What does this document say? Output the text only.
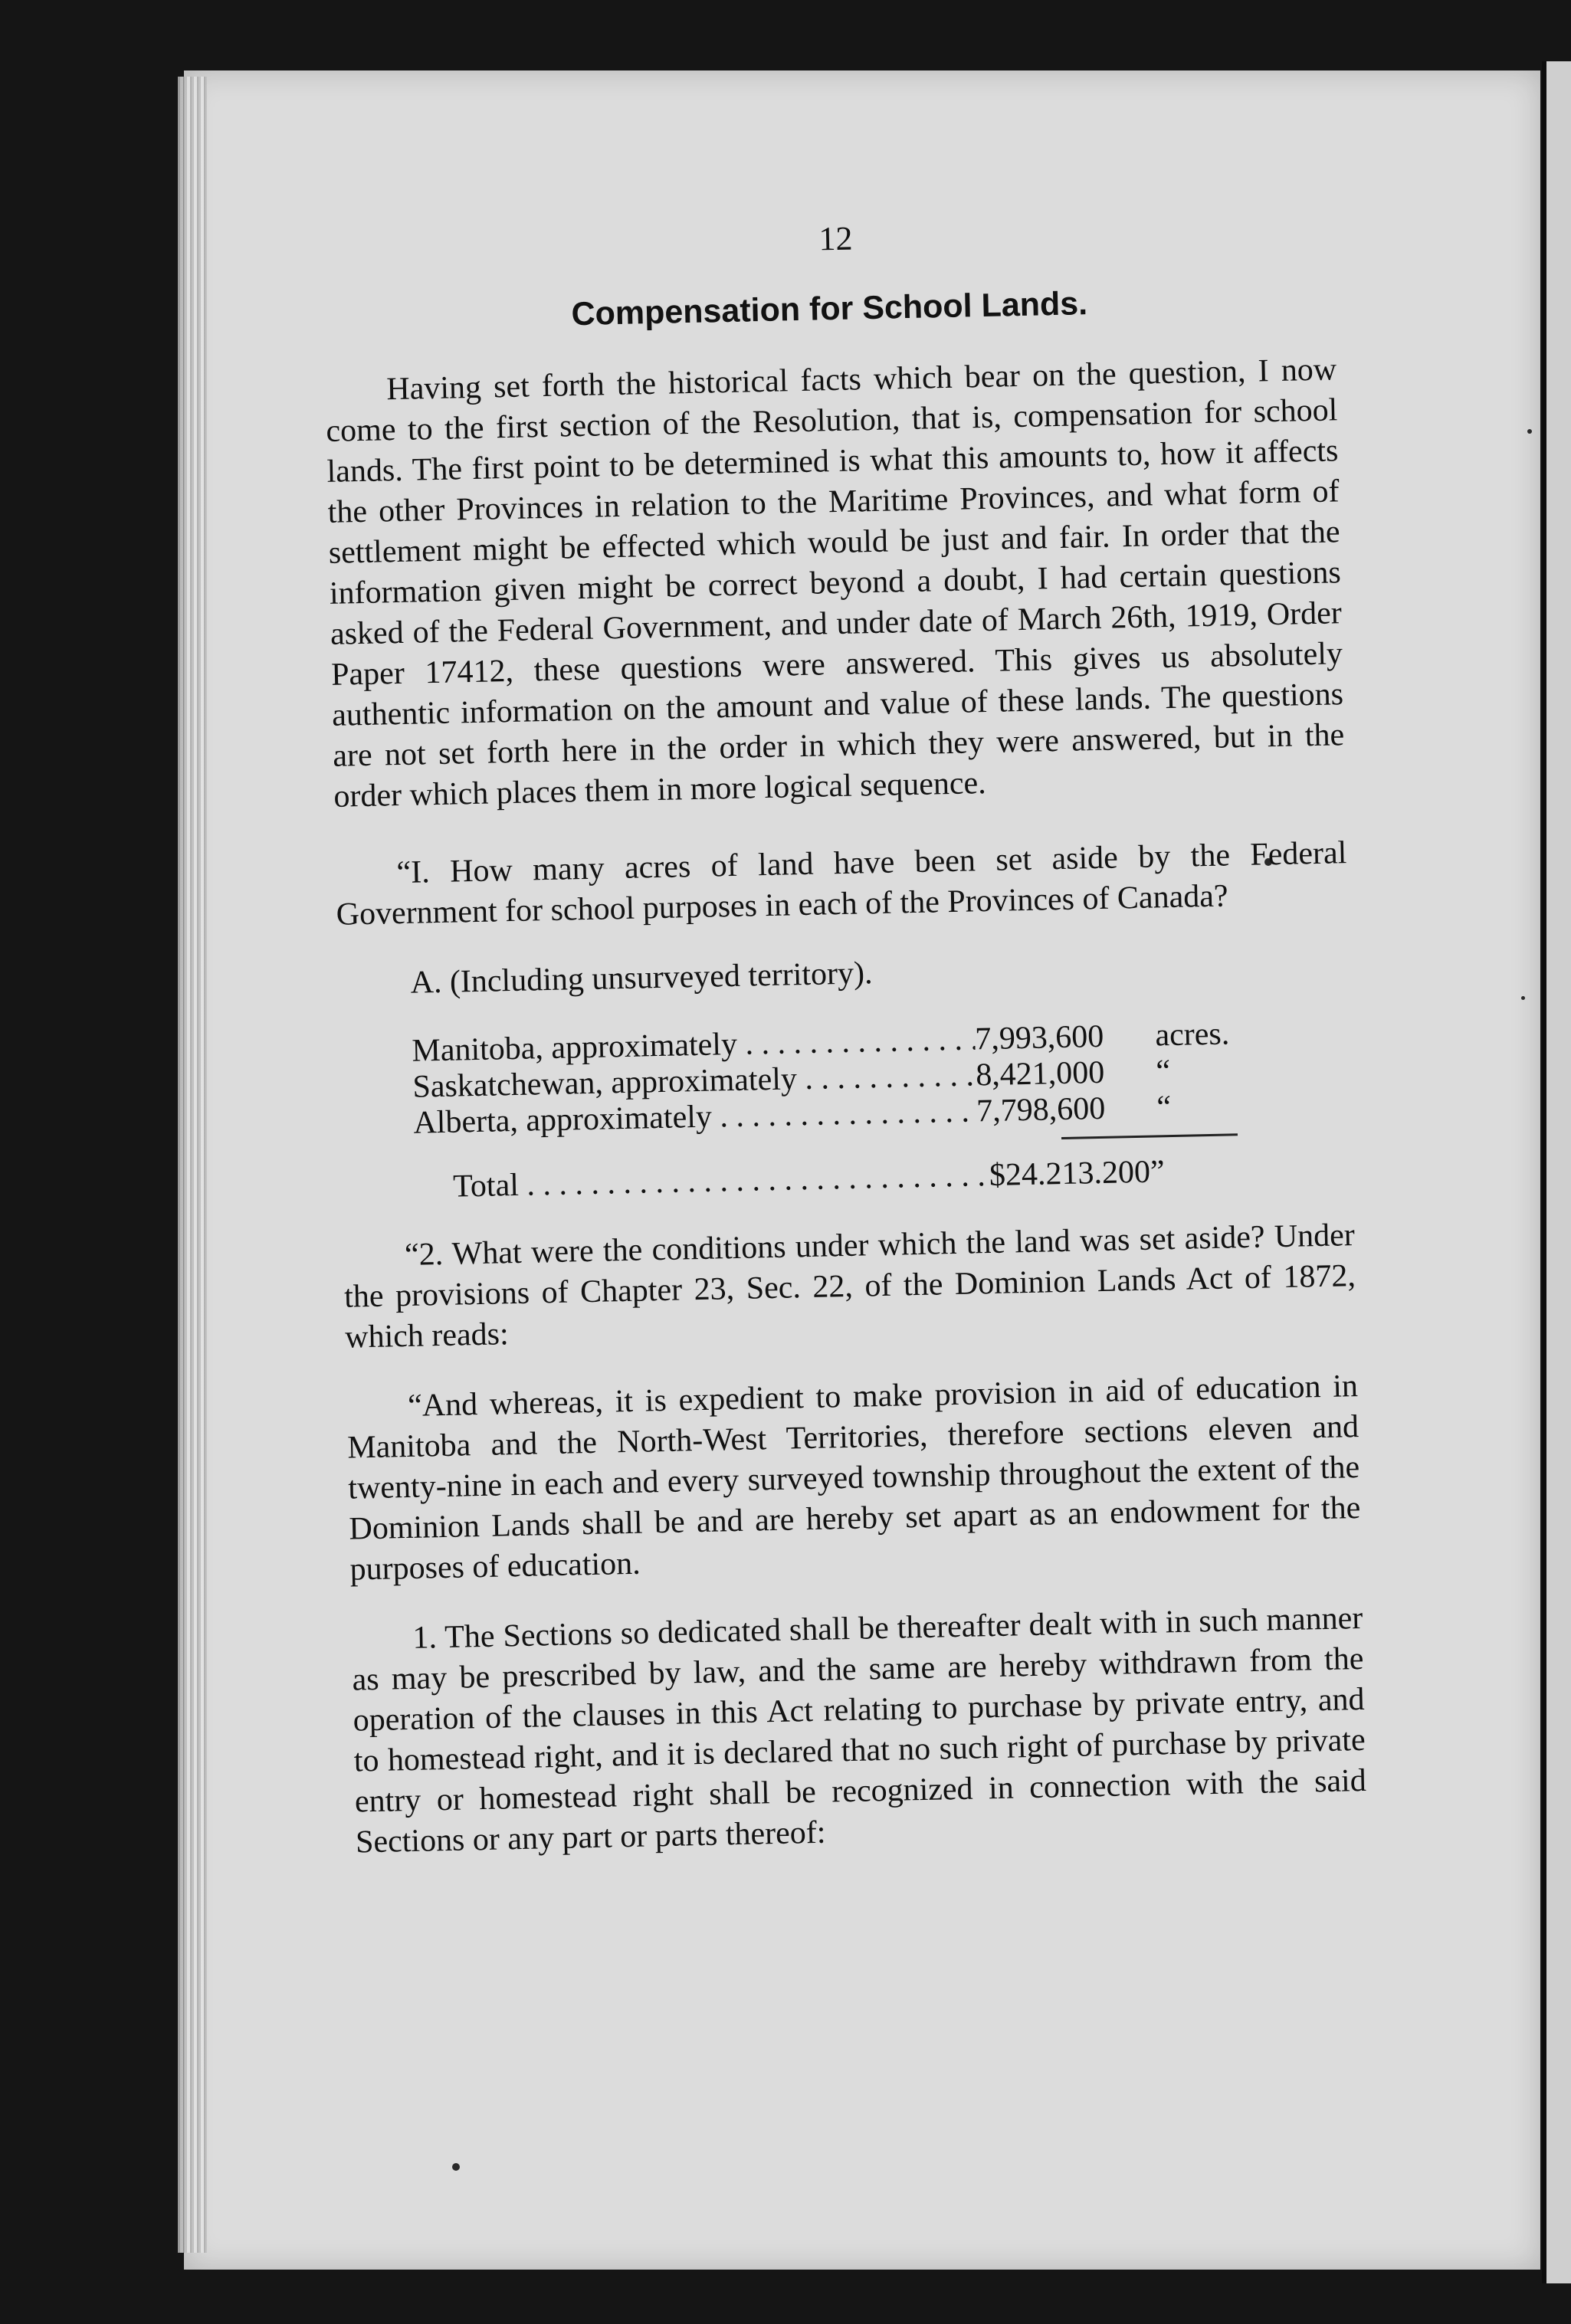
12
Compensation for School Lands.

Having set forth the historical facts which bear on the question, I now come to the first section of the Resolution, that is, compensation for school lands. The first point to be determined is what this amounts to, how it affects the other Provinces in relation to the Maritime Provinces, and what form of settlement might be effected which would be just and fair. In order that the information given might be correct beyond a doubt, I had certain questions asked of the Federal Government, and under date of March 26th, 1919, Order Paper 17412, these questions were answered. This gives us absolutely authentic information on the amount and value of these lands. The questions are not set forth here in the order in which they were answered, but in the order which places them in more logical sequence.

“I. How many acres of land have been set aside by the Federal Government for school purposes in each of the Provinces of Canada?

A. (Including unsurveyed territory).
Manitoba, approximately . . .	7,993,600	acres.
Saskatchewan, approximately . . .	8,421,000	“
Alberta, approximately . . .	7,798,600	“
Total . . .	$24.213.200”

“2. What were the conditions under which the land was set aside? Under the provisions of Chapter 23, Sec. 22, of the Dominion Lands Act of 1872, which reads:

“And whereas, it is expedient to make provision in aid of education in Manitoba and the North-West Territories, therefore sections eleven and twenty-nine in each and every surveyed township throughout the extent of the Dominion Lands shall be and are hereby set apart as an endowment for the purposes of education.

1. The Sections so dedicated shall be thereafter dealt with in such manner as may be prescribed by law, and the same are hereby withdrawn from the operation of the clauses in this Act relating to purchase by private entry, and to homestead right, and it is declared that no such right of purchase by private entry or homestead right shall be recognized in connection with the said Sections or any part or parts thereof:
